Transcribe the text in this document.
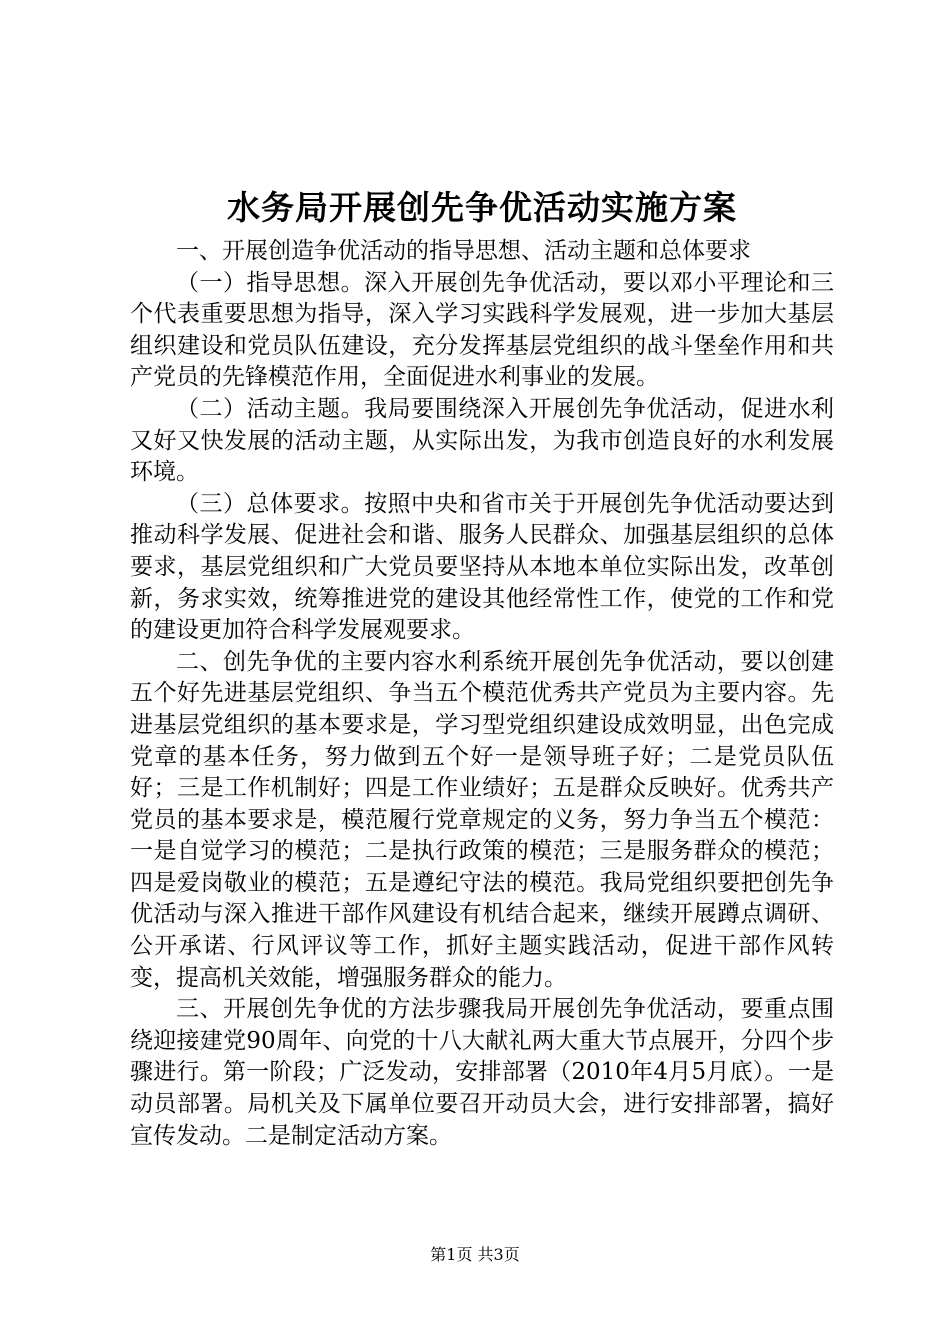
水务局开展创先争优活动实施方案

一、开展创造争优活动的指导思想、活动主题和总体要求

（一）指导思想。深入开展创先争优活动，要以邓小平理论和三个代表重要思想为指导，深入学习实践科学发展观，进一步加大基层组织建设和党员队伍建设，充分发挥基层党组织的战斗堡垒作用和共产党员的先锋模范作用，全面促进水利事业的发展。

（二）活动主题。我局要围绕深入开展创先争优活动，促进水利又好又快发展的活动主题，从实际出发，为我市创造良好的水利发展环境。

（三）总体要求。按照中央和省市关于开展创先争优活动要达到推动科学发展、促进社会和谐、服务人民群众、加强基层组织的总体要求，基层党组织和广大党员要坚持从本地本单位实际出发，改革创新，务求实效，统筹推进党的建设其他经常性工作，使党的工作和党的建设更加符合科学发展观要求。

二、创先争优的主要内容水利系统开展创先争优活动，要以创建五个好先进基层党组织、争当五个模范优秀共产党员为主要内容。先进基层党组织的基本要求是，学习型党组织建设成效明显，出色完成党章的基本任务，努力做到五个好一是领导班子好；二是党员队伍好；三是工作机制好；四是工作业绩好；五是群众反映好。优秀共产党员的基本要求是，模范履行党章规定的义务，努力争当五个模范：一是自觉学习的模范；二是执行政策的模范；三是服务群众的模范；四是爱岗敬业的模范；五是遵纪守法的模范。我局党组织要把创先争优活动与深入推进干部作风建设有机结合起来，继续开展蹲点调研、公开承诺、行风评议等工作，抓好主题实践活动，促进干部作风转变，提高机关效能，增强服务群众的能力。

三、开展创先争优的方法步骤我局开展创先争优活动，要重点围绕迎接建党90周年、向党的十八大献礼两大重大节点展开，分四个步骤进行。第一阶段；广泛发动，安排部署（2010年4月5月底）。一是动员部署。局机关及下属单位要召开动员大会，进行安排部署，搞好宣传发动。二是制定活动方案。

第1页 共3页
